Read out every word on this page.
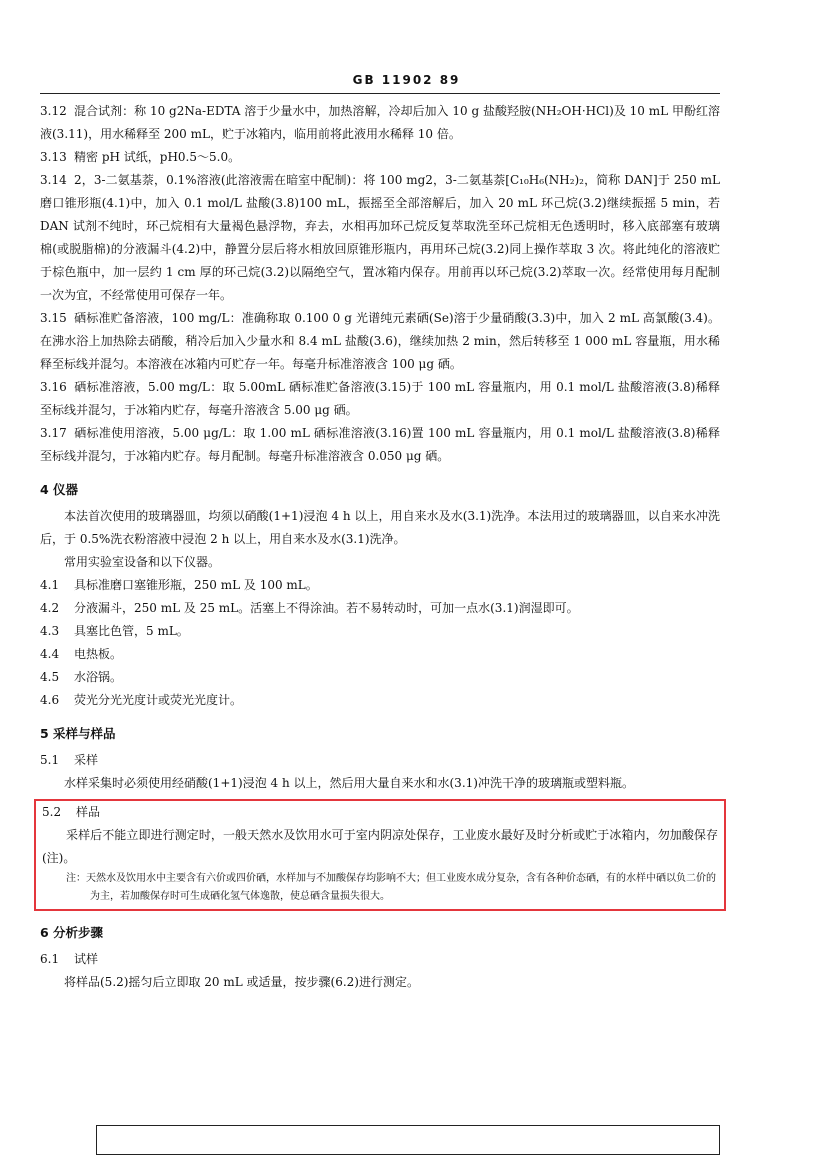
GB 11902 89

3.12 混合试剂：称 10 g2Na-EDTA 溶于少量水中，加热溶解，冷却后加入 10 g 盐酸羟胺(NH₂OH·HCl)及 10 mL 甲酚红溶液(3.11)，用水稀释至 200 mL，贮于冰箱内，临用前将此液用水稀释 10 倍。

3.13 精密 pH 试纸，pH0.5～5.0。

3.14 2，3-二氨基萘，0.1%溶液(此溶液需在暗室中配制)：将 100 mg2，3-二氨基萘[C₁₀H₆(NH₂)₂，简称 DAN]于 250 mL 磨口锥形瓶(4.1)中，加入 0.1 mol/L 盐酸(3.8)100 mL，振摇至全部溶解后，加入 20 mL 环己烷(3.2)继续振摇 5 min，若 DAN 试剂不纯时，环己烷相有大量褐色悬浮物，弃去，水相再加环己烷反复萃取洗至环己烷相无色透明时，移入底部塞有玻璃棉(或脱脂棉)的分液漏斗(4.2)中，静置分层后将水相放回原锥形瓶内，再用环己烷(3.2)同上操作萃取 3 次。将此纯化的溶液贮于棕色瓶中，加一层约 1 cm 厚的环己烷(3.2)以隔绝空气，置冰箱内保存。用前再以环己烷(3.2)萃取一次。经常使用每月配制一次为宜，不经常使用可保存一年。

3.15 硒标准贮备溶液，100 mg/L：准确称取 0.100 0 g 光谱纯元素硒(Se)溶于少量硝酸(3.3)中，加入 2 mL 高氯酸(3.4)。在沸水浴上加热除去硝酸，稍冷后加入少量水和 8.4 mL 盐酸(3.6)，继续加热 2 min，然后转移至 1 000 mL 容量瓶，用水稀释至标线并混匀。本溶液在冰箱内可贮存一年。每毫升标准溶液含 100 μg 硒。

3.16 硒标准溶液，5.00 mg/L：取 5.00mL 硒标准贮备溶液(3.15)于 100 mL 容量瓶内，用 0.1 mol/L 盐酸溶液(3.8)稀释至标线并混匀，于冰箱内贮存，每毫升溶液含 5.00 μg 硒。

3.17 硒标准使用溶液，5.00 μg/L：取 1.00 mL 硒标准溶液(3.16)置 100 mL 容量瓶内，用 0.1 mol/L 盐酸溶液(3.8)稀释至标线并混匀，于冰箱内贮存。每月配制。每毫升标准溶液含 0.050 μg 硒。

4 仪器

本法首次使用的玻璃器皿，均须以硝酸(1+1)浸泡 4 h 以上，用自来水及水(3.1)洗净。本法用过的玻璃器皿，以自来水冲洗后，于 0.5%洗衣粉溶液中浸泡 2 h 以上，用自来水及水(3.1)洗净。

常用实验室设备和以下仪器。

4.1 具标准磨口塞锥形瓶，250 mL 及 100 mL。

4.2 分液漏斗，250 mL 及 25 mL。活塞上不得涂油。若不易转动时，可加一点水(3.1)润湿即可。

4.3 具塞比色管，5 mL。

4.4 电热板。

4.5 水浴锅。

4.6 荧光分光光度计或荧光光度计。

5 采样与样品

5.1 采样

水样采集时必须使用经硝酸(1+1)浸泡 4 h 以上，然后用大量自来水和水(3.1)冲洗干净的玻璃瓶或塑料瓶。

5.2 样品

采样后不能立即进行测定时，一般天然水及饮用水可于室内阴凉处保存，工业废水最好及时分析或贮于冰箱内，勿加酸保存(注)。

注：天然水及饮用水中主要含有六价或四价硒，水样加与不加酸保存均影响不大；但工业废水成分复杂，含有各种价态硒，有的水样中硒以负二价的为主，若加酸保存时可生成硒化氢气体逸散，使总硒含量损失很大。
6 分析步骤

6.1 试样

将样品(5.2)摇匀后立即取 20 mL 或适量，按步骤(6.2)进行测定。
